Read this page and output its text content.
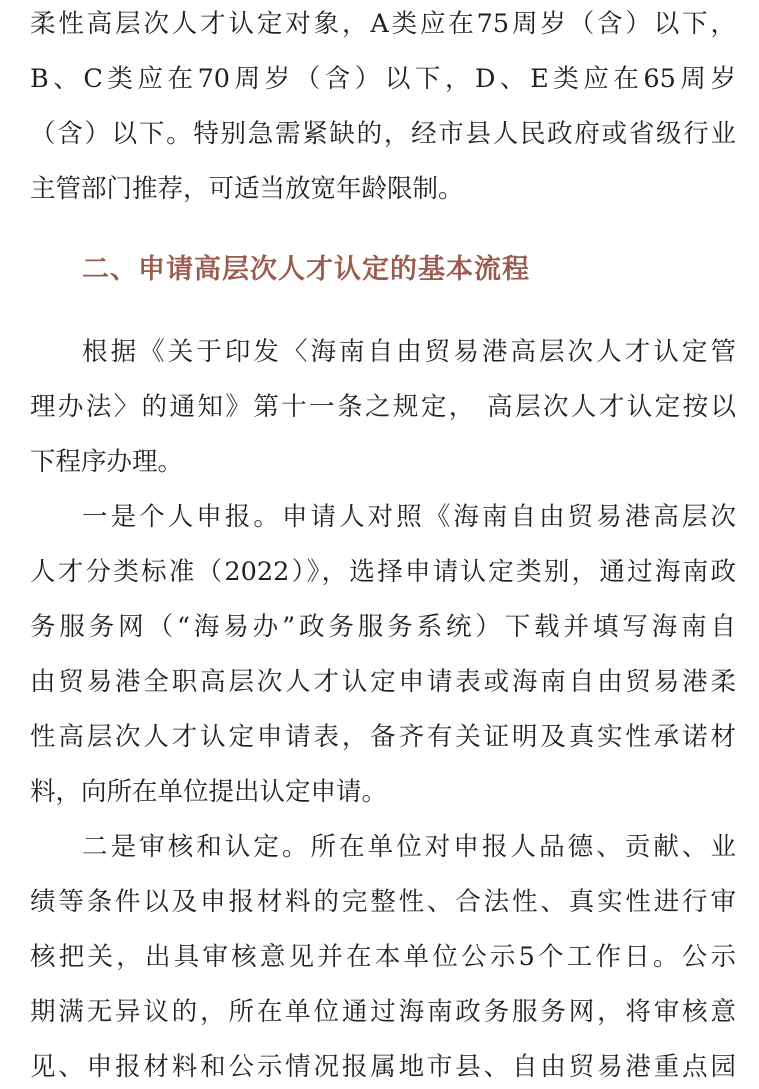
柔性高层次人才认定对象，A类应在75周岁（含）以下，
B、C类应在70周岁（含）以下，D、E类应在65周岁
（含）以下。特别急需紧缺的，经市县人民政府或省级行业
主管部门推荐，可适当放宽年龄限制。
二、申请高层次人才认定的基本流程
根据《关于印发〈海南自由贸易港高层次人才认定管
理办法〉的通知》第十一条之规定， 高层次人才认定按以
下程序办理。
一是个人申报。申请人对照《海南自由贸易港高层次
人才分类标准（2022）》，选择申请认定类别，通过海南政
务服务网（“海易办”政务服务系统）下载并填写海南自
由贸易港全职高层次人才认定申请表或海南自由贸易港柔
性高层次人才认定申请表，备齐有关证明及真实性承诺材
料，向所在单位提出认定申请。
二是审核和认定。所在单位对申报人品德、贡献、业
绩等条件以及申报材料的完整性、合法性、真实性进行审
核把关，出具审核意见并在本单位公示5个工作日。公示
期满无异议的，所在单位通过海南政务服务网，将审核意
见、申报材料和公示情况报属地市县、自由贸易港重点园
